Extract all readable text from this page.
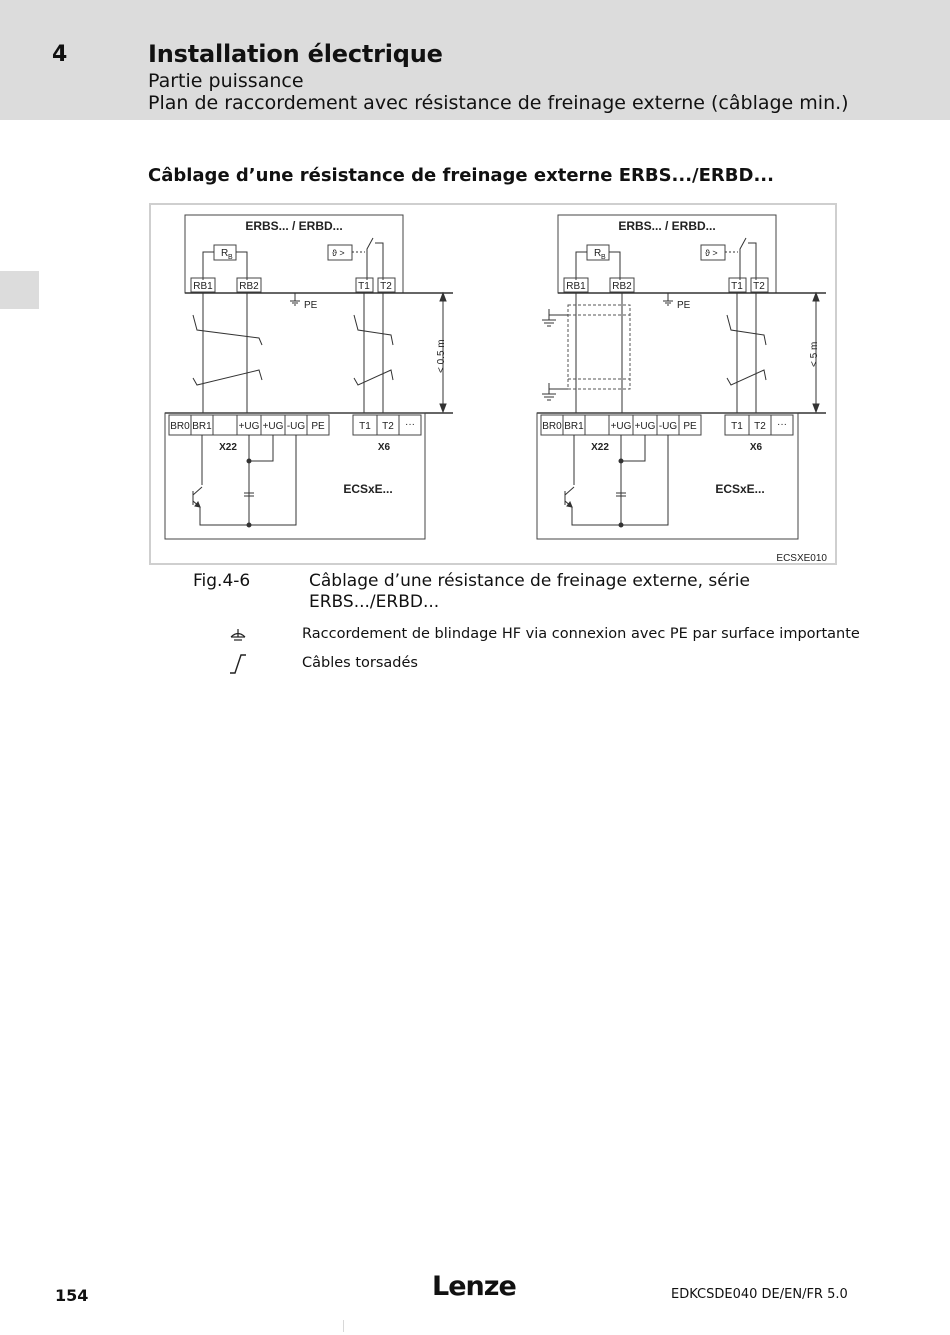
4	Installation électrique
Partie puissance
Plan de raccordement avec résistance de freinage externe (câblage min.)
Câblage d’une résistance de freinage externe ERBS.../ERBD...
ERBS... / ERBD...
R B	ϑ >
RB1	RB2	T1 T2
PE
< 0.5 m
BR0 BR1	+UG +UG -UG PE	T1 T2 ···
X22	X6
ECSxE...
ERBS... / ERBD...
R B	ϑ >
RB1	RB2	T1 T2
PE
< 5 m
BR0 BR1	+UG +UG -UG PE	T1 T2 ···
X22	X6
ECSxE...
ECSXE010
Fig.4-6	Câblage d’une résistance de freinage externe, série ERBS.../ERBD...
Raccordement de blindage HF via connexion avec PE par surface importante
Câbles torsadés
154	Lenze	EDKCSDE040 DE/EN/FR 5.0
